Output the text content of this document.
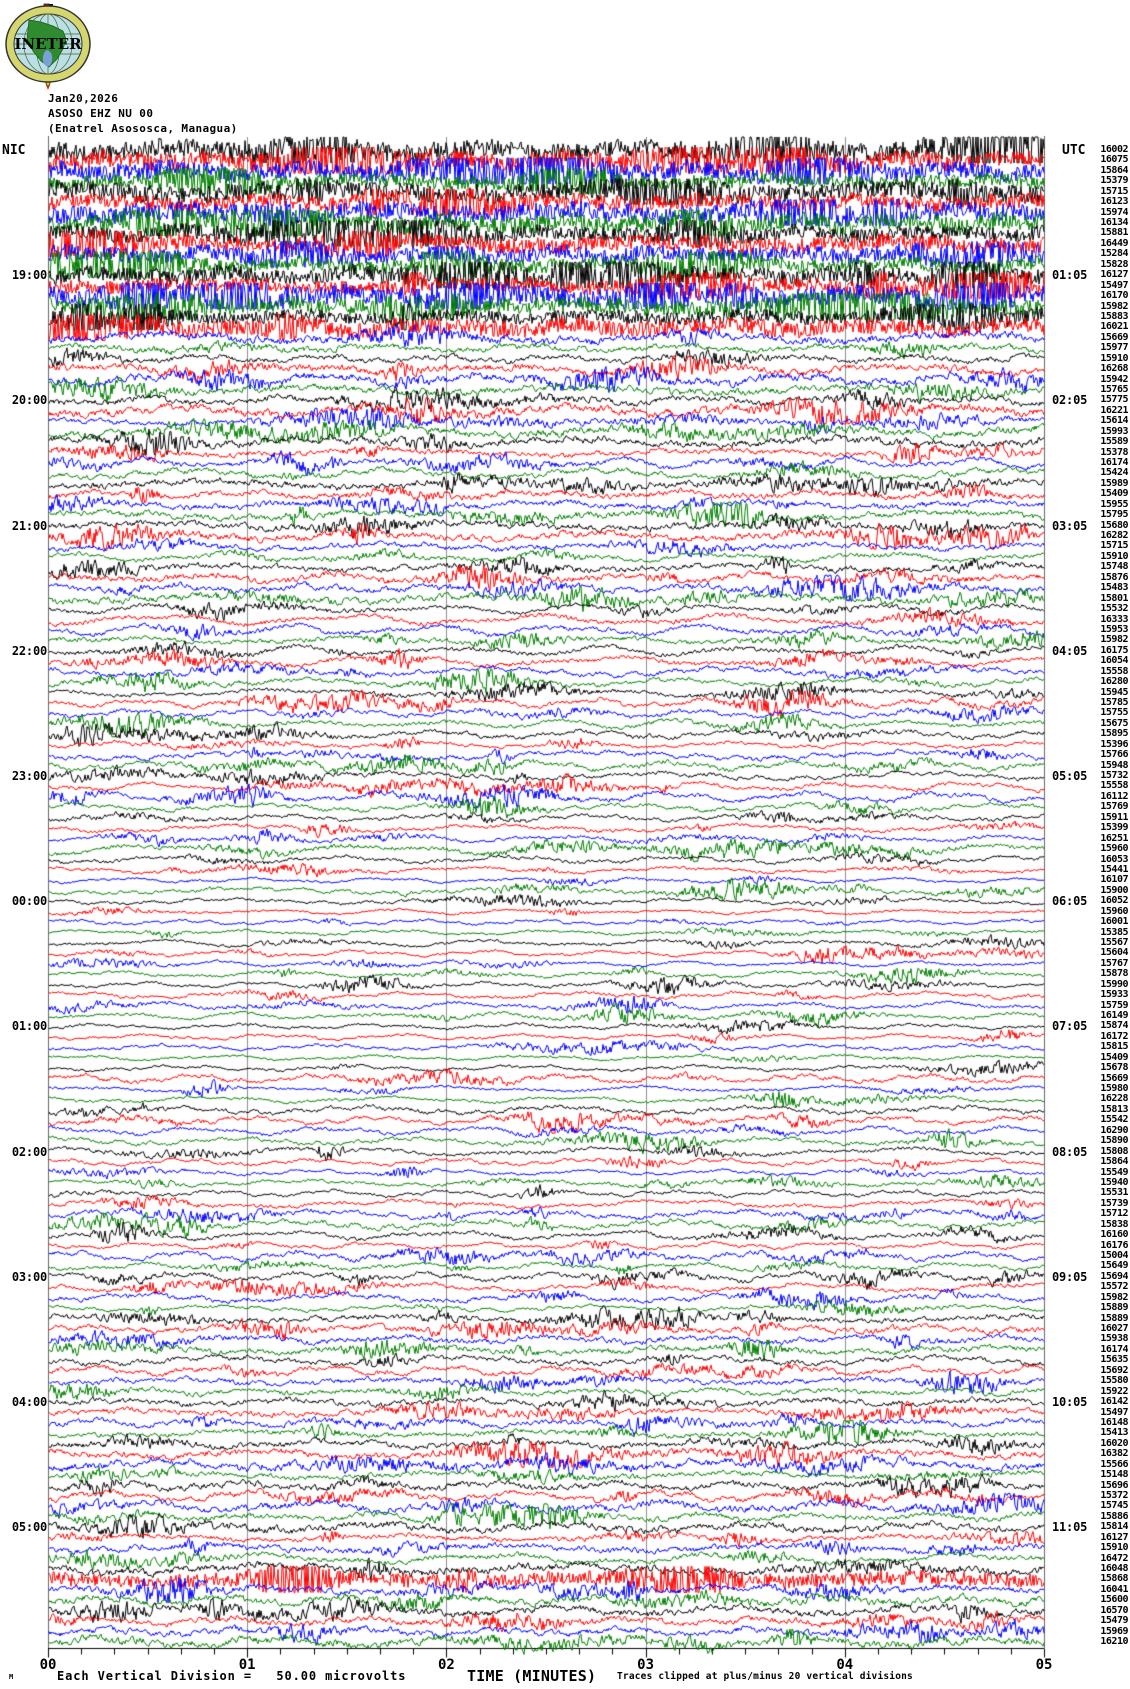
INETER
Jan20,2026
ASOSO EHZ NU 00
(Enatrel Asososca, Managua)
NIC	UTC
19:00
20:00
21:00
22:00
23:00
00:00
01:00
02:00
03:00
04:00
05:00
01:05
02:05
03:05
04:05
05:05
06:05
07:05
08:05
09:05
10:05
11:05
16002
16075
15864
15379
15715
16123
15974
16134
15881
16449
15284
15828
16127
15497
16170
15982
15883
16021
15669
15977
15910
16268
15942
15765
15775
16221
15614
15993
15589
15378
16174
15424
15989
15409
15955
15795
15680
16282
15715
15910
15748
15876
15483
15801
15532
16333
15953
15982
16175
16054
15558
16280
15945
15785
15755
15675
15895
15396
15766
15948
15732
15558
16112
15769
15911
15399
16251
15960
16053
15441
16107
15900
16052
15960
16001
15385
15567
15604
15767
15878
15990
15933
15759
16149
15874
16172
15815
15409
15678
15669
15980
16228
15813
15542
16290
15890
15808
15864
15549
15940
15531
15739
15712
15838
16160
16176
15004
15649
15694
15572
15982
15889
15889
16027
15938
16174
15635
15692
15580
15922
16142
15497
16148
15413
16020
16382
15566
15148
15696
15372
15745
15886
15814
16127
15910
16472
16048
15868
16041
15600
16570
15479
15969
16210
00	01	02	03	04	05
M	Each Vertical Division =   50.00 microvolts	TIME (MINUTES) Traces clipped at plus/minus 20 vertical divisions
